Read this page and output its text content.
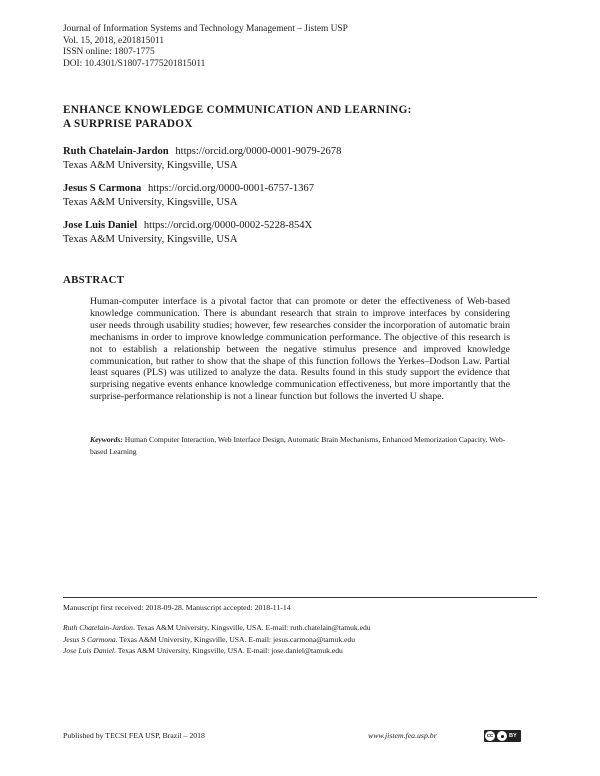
Journal of Information Systems and Technology Management – Jistem USP
Vol. 15, 2018, e201815011
ISSN online: 1807-1775
DOI: 10.4301/S1807-1775201815011
ENHANCE KNOWLEDGE COMMUNICATION AND LEARNING:
A SURPRISE PARADOX
Ruth Chatelain-Jardon https://orcid.org/0000-0001-9079-2678
Texas A&M University, Kingsville, USA
Jesus S Carmona https://orcid.org/0000-0001-6757-1367
Texas A&M University, Kingsville, USA
Jose Luis Daniel https://orcid.org/0000-0002-5228-854X
Texas A&M University, Kingsville, USA
ABSTRACT
Human-computer interface is a pivotal factor that can promote or deter the effectiveness of Web-based knowledge communication. There is abundant research that strain to improve interfaces by considering user needs through usability studies; however, few researches consider the incorporation of automatic brain mechanisms in order to improve knowledge communication performance. The objective of this research is not to establish a relationship between the negative stimulus presence and improved knowledge communication, but rather to show that the shape of this function follows the Yerkes–Dodson Law. Partial least squares (PLS) was utilized to analyze the data. Results found in this study support the evidence that surprising negative events enhance knowledge communication effectiveness, but more importantly that the surprise-performance relationship is not a linear function but follows the inverted U shape.
Keywords: Human Computer Interaction, Web Interface Design, Automatic Brain Mechanisms, Enhanced Memorization Capacity, Web-based Learning
Manuscript first received: 2018-09-28. Manuscript accepted: 2018-11-14
Ruth Chatelain-Jardon. Texas A&M University, Kingsville, USA. E-mail: ruth.chatelain@tamuk.edu
Jesus S Carmona. Texas A&M University, Kingsville, USA. E-mail: jesus.carmona@tamuk.edu
Jose Luis Daniel. Texas A&M University, Kingsville, USA. E-mail: jose.daniel@tamuk.edu
Published by TECSI FEA USP, Brazil – 2018	www.jistem.fea.usp.br	cc	BY
